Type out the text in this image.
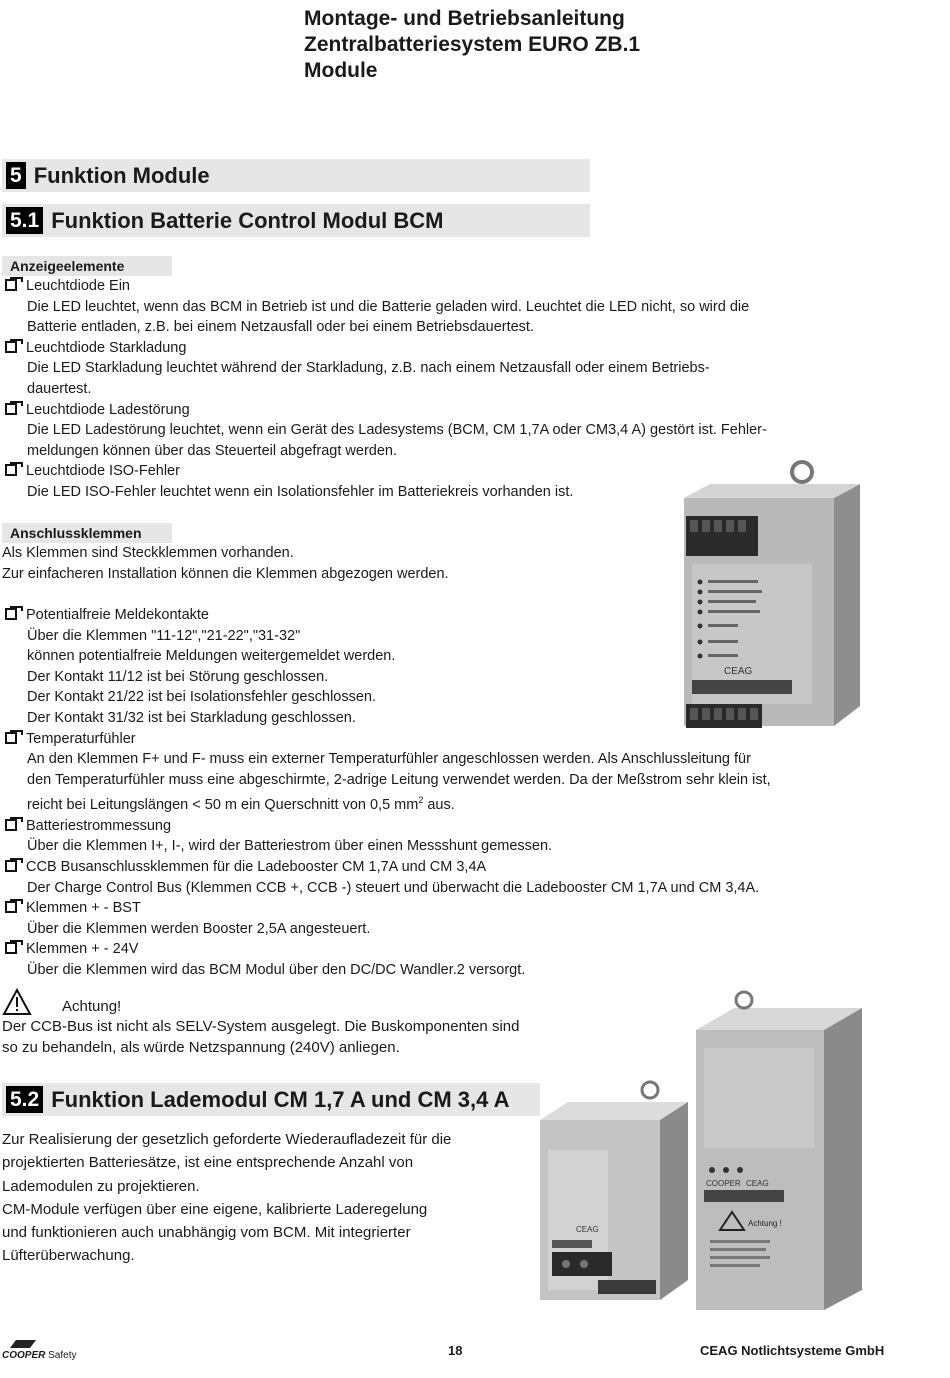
Montage- und Betriebsanleitung
Zentralbatteriesystem EURO ZB.1
Module
5 Funktion Module
5.1 Funktion Batterie Control Modul BCM
Anzeigeelemente
Leuchtdiode Ein
Die LED leuchtet, wenn das BCM in Betrieb ist und die Batterie geladen wird. Leuchtet die LED nicht, so wird die
Batterie entladen, z.B. bei einem Netzausfall oder bei einem Betriebsdauertest.
Leuchtdiode Starkladung
Die LED Starkladung leuchtet während der Starkladung, z.B. nach einem Netzausfall oder einem Betriebs-
dauertest.
Leuchtdiode Ladestörung
Die LED Ladestörung leuchtet, wenn ein Gerät des Ladesystems (BCM, CM 1,7A oder CM3,4 A) gestört ist. Fehler-
meldungen können über das Steuerteil abgefragt werden.
Leuchtdiode ISO-Fehler
Die LED ISO-Fehler leuchtet wenn ein Isolationsfehler im Batteriekreis vorhanden ist.
Anschlussklemmen
Als Klemmen sind Steckklemmen vorhanden.
Zur einfacheren Installation können die Klemmen abgezogen werden.
Potentialfreie Meldekontakte
Über die Klemmen "11-12","21-22","31-32"
können potentialfreie Meldungen weitergemeldet werden.
Der Kontakt 11/12 ist bei Störung geschlossen.
Der Kontakt 21/22 ist bei Isolationsfehler geschlossen.
Der Kontakt 31/32 ist bei Starkladung geschlossen.
Temperaturfühler
An den Klemmen F+ und F- muss ein externer Temperaturfühler angeschlossen werden. Als Anschlussleitung für
den Temperaturfühler muss eine abgeschirmte, 2-adrige Leitung verwendet werden. Da der Meßstrom sehr klein ist,
reicht bei Leitungslängen < 50 m ein Querschnitt von 0,5 $mm^2$ aus.
Batteriestrommessung
Über die Klemmen I+, I-, wird der Batteriestrom über einen Messshunt gemessen.
CCB Busanschlussklemmen für die Ladebooster CM 1,7A und CM 3,4A
Der Charge Control Bus (Klemmen CCB +, CCB -) steuert und überwacht die Ladebooster CM 1,7A und CM 3,4A.
Klemmen + - BST
Über die Klemmen werden Booster 2,5A angesteuert.
Klemmen + - 24V
Über die Klemmen wird das BCM Modul über den DC/DC Wandler.2 versorgt.
CEAG
Achtung!
Der CCB-Bus ist nicht als SELV-System ausgelegt. Die Buskomponenten sind
so zu behandeln, als würde Netzspannung (240V) anliegen.
5.2 Funktion Lademodul CM 1,7 A und CM 3,4 A
Zur Realisierung der gesetzlich geforderte Wiederaufladezeit für die
projektierten Batteriesätze, ist eine entsprechende Anzahl von
Lademodulen zu projektieren.
CM-Module verfügen über eine eigene, kalibrierte Laderegelung
und funktionieren auch unabhängig vom BCM. Mit integrierter
Lüfterüberwachung.
CEAG
COOPER CEAG
Achtung !
COOPER Safety	18	CEAG Notlichtsysteme GmbH
